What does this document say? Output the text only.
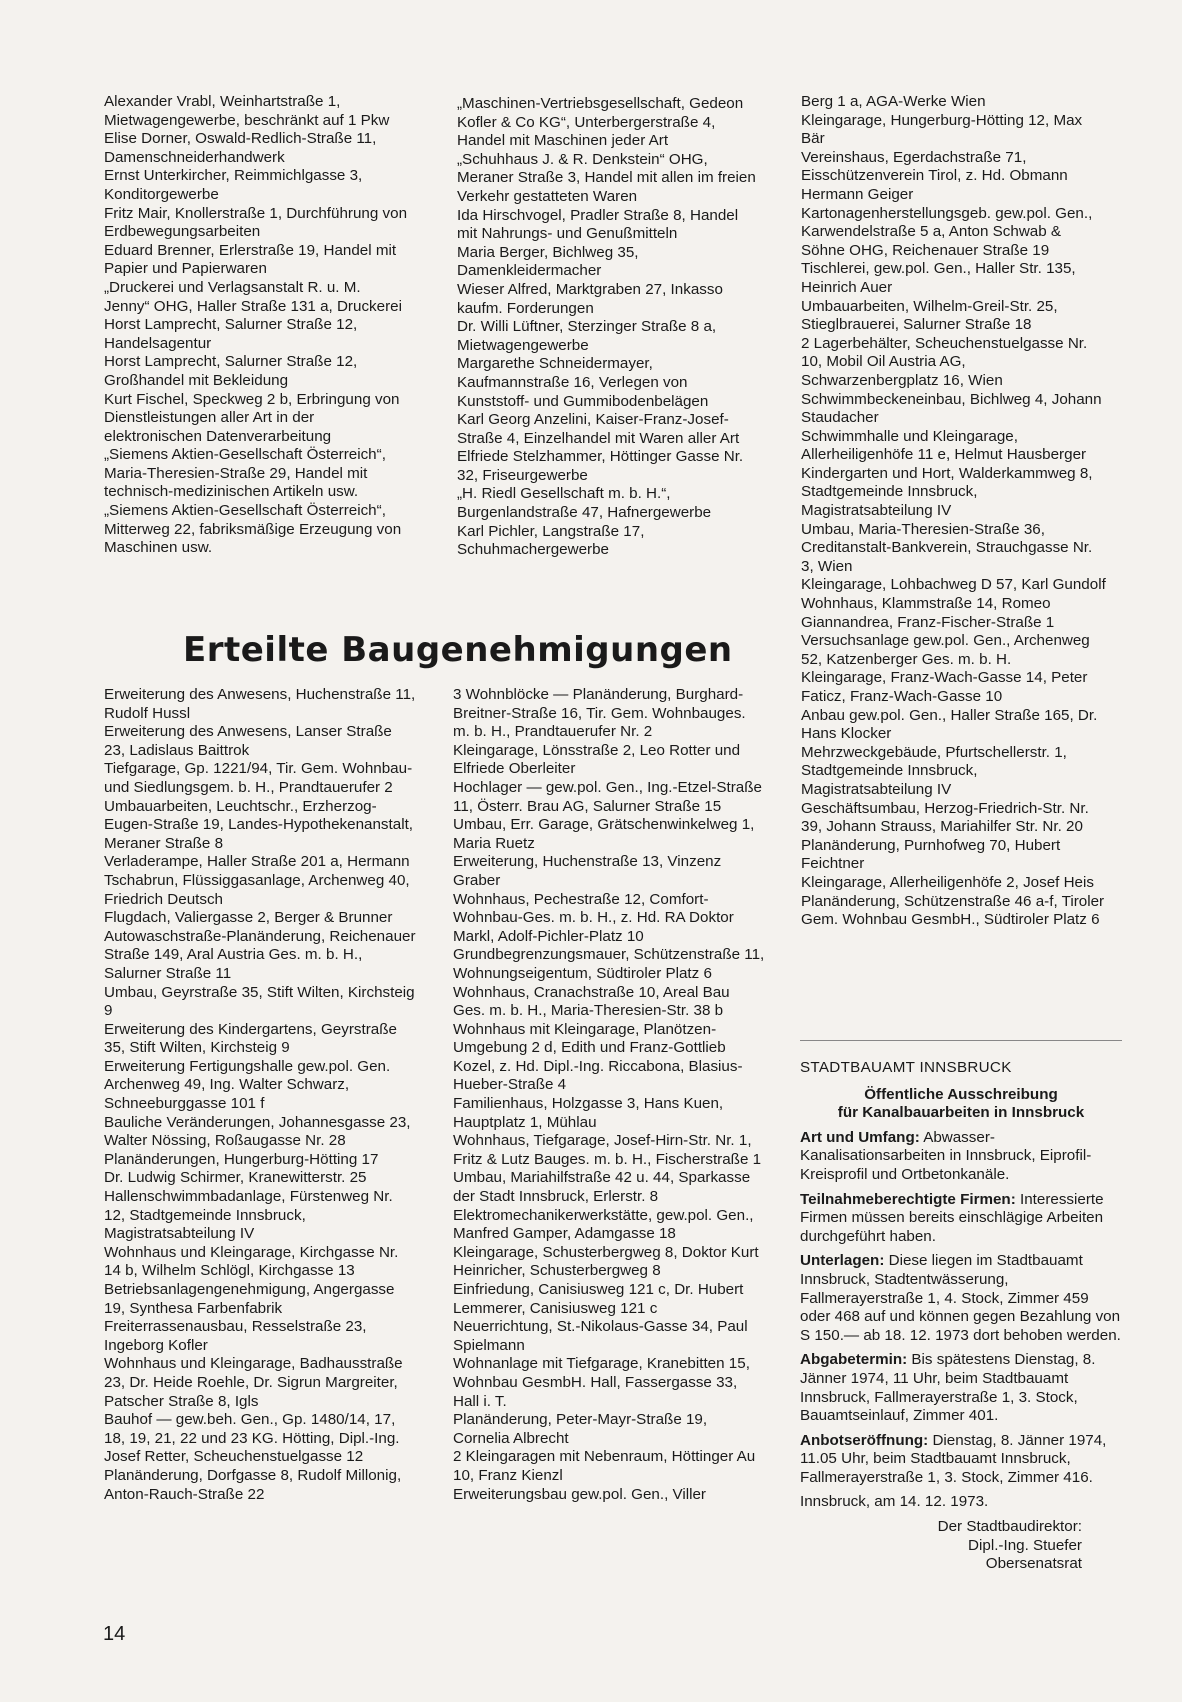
Alexander Vrabl, Weinhartstraße 1, Mietwagengewerbe, beschränkt auf 1 Pkw

Elise Dorner, Oswald-Redlich-Straße 11, Damenschneiderhandwerk

Ernst Unterkircher, Reimmichlgasse 3, Konditorgewerbe

Fritz Mair, Knollerstraße 1, Durchführung von Erdbewegungsarbeiten

Eduard Brenner, Erlerstraße 19, Handel mit Papier und Papierwaren

„Druckerei und Verlagsanstalt R. u. M. Jenny“ OHG, Haller Straße 131 a, Druckerei

Horst Lamprecht, Salurner Straße 12, Handelsagentur

Horst Lamprecht, Salurner Straße 12, Großhandel mit Bekleidung

Kurt Fischel, Speckweg 2 b, Erbringung von Dienstleistungen aller Art in der elektronischen Datenverarbeitung

„Siemens Aktien-Gesellschaft Österreich“, Maria-Theresien-Straße 29, Handel mit technisch-medizinischen Artikeln usw.

„Siemens Aktien-Gesellschaft Österreich“, Mitterweg 22, fabriksmäßige Erzeugung von Maschinen usw.

„Maschinen-Vertriebsgesellschaft, Gedeon Kofler & Co KG“, Unterbergerstraße 4, Handel mit Maschinen jeder Art

„Schuhhaus J. & R. Denkstein“ OHG, Meraner Straße 3, Handel mit allen im freien Verkehr gestatteten Waren

Ida Hirschvogel, Pradler Straße 8, Handel mit Nahrungs- und Genußmitteln

Maria Berger, Bichlweg 35, Damenkleidermacher

Wieser Alfred, Marktgraben 27, Inkasso kaufm. Forderungen

Dr. Willi Lüftner, Sterzinger Straße 8 a, Mietwagengewerbe

Margarethe Schneidermayer, Kaufmannstraße 16, Verlegen von Kunststoff- und Gummibodenbelägen

Karl Georg Anzelini, Kaiser-Franz-Josef-Straße 4, Einzelhandel mit Waren aller Art

Elfriede Stelzhammer, Höttinger Gasse Nr. 32, Friseurgewerbe

„H. Riedl Gesellschaft m. b. H.“, Burgenlandstraße 47, Hafnergewerbe

Karl Pichler, Langstraße 17, Schuhmachergewerbe

Erteilte Baugenehmigungen

Erweiterung des Anwesens, Huchenstraße 11, Rudolf Hussl

Erweiterung des Anwesens, Lanser Straße 23, Ladislaus Baittrok

Tiefgarage, Gp. 1221/94, Tir. Gem. Wohnbau- und Siedlungsgem. b. H., Prandtauerufer 2

Umbauarbeiten, Leuchtschr., Erzherzog-Eugen-Straße 19, Landes-Hypothekenanstalt, Meraner Straße 8

Verladerampe, Haller Straße 201 a, Hermann Tschabrun, Flüssiggasanlage, Archenweg 40, Friedrich Deutsch

Flugdach, Valiergasse 2, Berger & Brunner

Autowaschstraße-Planänderung, Reichenauer Straße 149, Aral Austria Ges. m. b. H., Salurner Straße 11

Umbau, Geyrstraße 35, Stift Wilten, Kirchsteig 9

Erweiterung des Kindergartens, Geyrstraße 35, Stift Wilten, Kirchsteig 9

Erweiterung Fertigungshalle gew.pol. Gen. Archenweg 49, Ing. Walter Schwarz, Schneeburggasse 101 f

Bauliche Veränderungen, Johannesgasse 23, Walter Nössing, Roßaugasse Nr. 28

Planänderungen, Hungerburg-Hötting 17

Dr. Ludwig Schirmer, Kranewitterstr. 25

Hallenschwimmbadanlage, Fürstenweg Nr. 12, Stadtgemeinde Innsbruck, Magistratsabteilung IV

Wohnhaus und Kleingarage, Kirchgasse Nr. 14 b, Wilhelm Schlögl, Kirchgasse 13

Betriebsanlagengenehmigung, Angergasse 19, Synthesa Farbenfabrik

Freiterrassenausbau, Resselstraße 23, Ingeborg Kofler

Wohnhaus und Kleingarage, Badhausstraße 23, Dr. Heide Roehle, Dr. Sigrun Margreiter, Patscher Straße 8, Igls

Bauhof — gew.beh. Gen., Gp. 1480/14, 17, 18, 19, 21, 22 und 23 KG. Hötting, Dipl.-Ing. Josef Retter, Scheuchenstuelgasse 12

Planänderung, Dorfgasse 8, Rudolf Millonig, Anton-Rauch-Straße 22

3 Wohnblöcke — Planänderung, Burghard-Breitner-Straße 16, Tir. Gem. Wohnbauges. m. b. H., Prandtauerufer Nr. 2

Kleingarage, Lönsstraße 2, Leo Rotter und Elfriede Oberleiter

Hochlager — gew.pol. Gen., Ing.-Etzel-Straße 11, Österr. Brau AG, Salurner Straße 15

Umbau, Err. Garage, Grätschenwinkelweg 1, Maria Ruetz

Erweiterung, Huchenstraße 13, Vinzenz Graber

Wohnhaus, Pechestraße 12, Comfort-Wohnbau-Ges. m. b. H., z. Hd. RA Doktor Markl, Adolf-Pichler-Platz 10

Grundbegrenzungsmauer, Schützenstraße 11, Wohnungseigentum, Südtiroler Platz 6

Wohnhaus, Cranachstraße 10, Areal Bau Ges. m. b. H., Maria-Theresien-Str. 38 b

Wohnhaus mit Kleingarage, Planötzen-Umgebung 2 d, Edith und Franz-Gottlieb Kozel, z. Hd. Dipl.-Ing. Riccabona, Blasius-Hueber-Straße 4

Familienhaus, Holzgasse 3, Hans Kuen, Hauptplatz 1, Mühlau

Wohnhaus, Tiefgarage, Josef-Hirn-Str. Nr. 1, Fritz & Lutz Bauges. m. b. H., Fischerstraße 1

Umbau, Mariahilfstraße 42 u. 44, Sparkasse der Stadt Innsbruck, Erlerstr. 8

Elektromechanikerwerkstätte, gew.pol. Gen., Manfred Gamper, Adamgasse 18

Kleingarage, Schusterbergweg 8, Doktor Kurt Heinricher, Schusterbergweg 8

Einfriedung, Canisiusweg 121 c, Dr. Hubert Lemmerer, Canisiusweg 121 c

Neuerrichtung, St.-Nikolaus-Gasse 34, Paul Spielmann

Wohnanlage mit Tiefgarage, Kranebitten 15, Wohnbau GesmbH. Hall, Fassergasse 33, Hall i. T.

Planänderung, Peter-Mayr-Straße 19, Cornelia Albrecht

2 Kleingaragen mit Nebenraum, Höttinger Au 10, Franz Kienzl

Erweiterungsbau gew.pol. Gen., Viller

Berg 1 a, AGA-Werke Wien

Kleingarage, Hungerburg-Hötting 12, Max Bär

Vereinshaus, Egerdachstraße 71, Eisschützenverein Tirol, z. Hd. Obmann Hermann Geiger

Kartonagenherstellungsgeb. gew.pol. Gen., Karwendelstraße 5 a, Anton Schwab & Söhne OHG, Reichenauer Straße 19

Tischlerei, gew.pol. Gen., Haller Str. 135, Heinrich Auer

Umbauarbeiten, Wilhelm-Greil-Str. 25, Stieglbrauerei, Salurner Straße 18

2 Lagerbehälter, Scheuchenstuelgasse Nr. 10, Mobil Oil Austria AG, Schwarzenbergplatz 16, Wien

Schwimmbeckeneinbau, Bichlweg 4, Johann Staudacher

Schwimmhalle und Kleingarage, Allerheiligenhöfe 11 e, Helmut Hausberger

Kindergarten und Hort, Walderkammweg 8, Stadtgemeinde Innsbruck, Magistratsabteilung IV

Umbau, Maria-Theresien-Straße 36, Creditanstalt-Bankverein, Strauchgasse Nr. 3, Wien

Kleingarage, Lohbachweg D 57, Karl Gundolf

Wohnhaus, Klammstraße 14, Romeo Giannandrea, Franz-Fischer-Straße 1

Versuchsanlage gew.pol. Gen., Archenweg 52, Katzenberger Ges. m. b. H.

Kleingarage, Franz-Wach-Gasse 14, Peter Faticz, Franz-Wach-Gasse 10

Anbau gew.pol. Gen., Haller Straße 165, Dr. Hans Klocker

Mehrzweckgebäude, Pfurtschellerstr. 1, Stadtgemeinde Innsbruck, Magistratsabteilung IV

Geschäftsumbau, Herzog-Friedrich-Str. Nr. 39, Johann Strauss, Mariahilfer Str. Nr. 20

Planänderung, Purnhofweg 70, Hubert Feichtner

Kleingarage, Allerheiligenhöfe 2, Josef Heis

Planänderung, Schützenstraße 46 a-f, Tiroler Gem. Wohnbau GesmbH., Südtiroler Platz 6

STADTBAUAMT INNSBRUCK

Öffentliche Ausschreibung
für Kanalbauarbeiten in Innsbruck

Art und Umfang: Abwasser-Kanalisationsarbeiten in Innsbruck, Eiprofil-Kreisprofil und Ortbetonkanäle.

Teilnahmeberechtigte Firmen: Interessierte Firmen müssen bereits einschlägige Arbeiten durchgeführt haben.

Unterlagen: Diese liegen im Stadtbauamt Innsbruck, Stadtentwässerung, Fallmerayerstraße 1, 4. Stock, Zimmer 459 oder 468 auf und können gegen Bezahlung von S 150.— ab 18. 12. 1973 dort behoben werden.

Abgabetermin: Bis spätestens Dienstag, 8. Jänner 1974, 11 Uhr, beim Stadtbauamt Innsbruck, Fallmerayerstraße 1, 3. Stock, Bauamtseinlauf, Zimmer 401.

Anbotseröffnung: Dienstag, 8. Jänner 1974, 11.05 Uhr, beim Stadtbauamt Innsbruck, Fallmerayerstraße 1, 3. Stock, Zimmer 416.

Innsbruck, am 14. 12. 1973.

Der Stadtbaudirektor:

Dipl.-Ing. Stuefer

Obersenatsrat

14
